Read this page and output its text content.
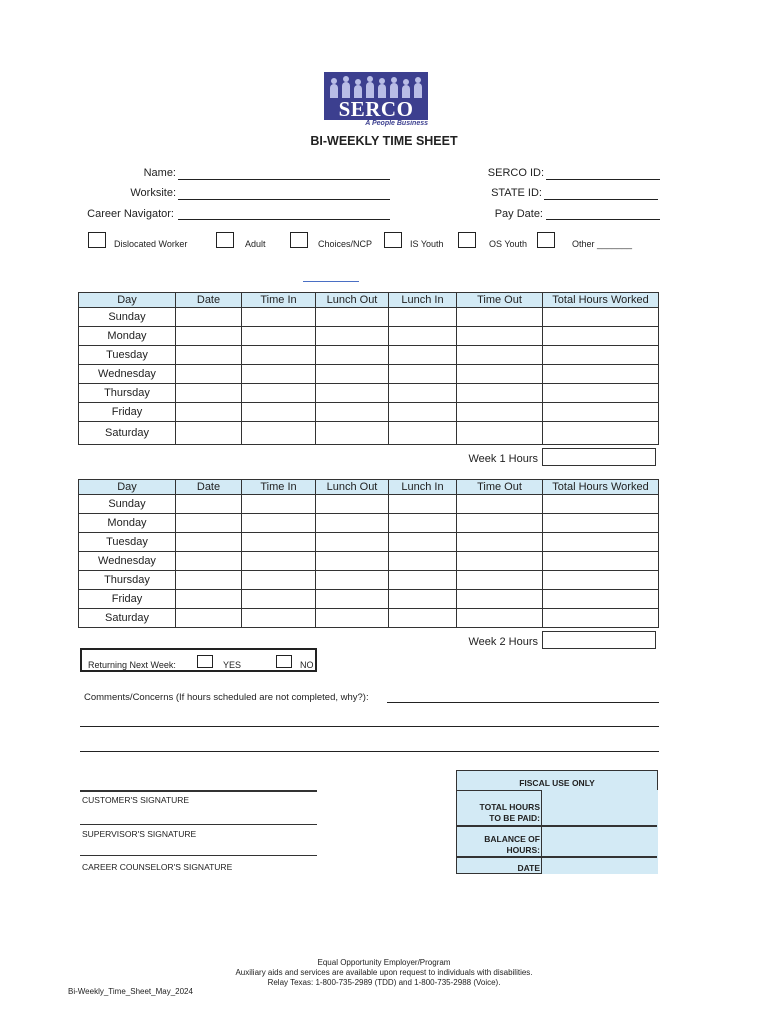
SERCO
A People Business
BI-WEEKLY TIME SHEET
Name:
Worksite:
Career Navigator:
SERCO ID:
STATE ID:
Pay Date:
Dislocated Worker	Adult	Choices/NCP	IS Youth	OS Youth	Other _______
Day	Date	Time In	Lunch Out	Lunch In	Time Out	Total Hours Worked
Sunday						
Monday						
Tuesday						
Wednesday						
Thursday						
Friday						
Saturday						
Week 1 Hours
Day	Date	Time In	Lunch Out	Lunch In	Time Out	Total Hours Worked
Sunday						
Monday						
Tuesday						
Wednesday						
Thursday						
Friday						
Saturday						
Week 2 Hours
Returning Next Week:	YES	NO
Comments/Concerns (If hours scheduled are not completed, why?):
CUSTOMER'S SIGNATURE
SUPERVISOR'S SIGNATURE
CAREER COUNSELOR'S SIGNATURE
FISCAL USE ONLY
TOTAL HOURS
TO BE PAID:
BALANCE OF
HOURS:
DATE
Equal Opportunity Employer/Program
Auxiliary aids and services are available upon request to individuals with disabilities.
Relay Texas: 1-800-735-2989 (TDD) and 1-800-735-2988 (Voice).
Bi-Weekly_Time_Sheet_May_2024
